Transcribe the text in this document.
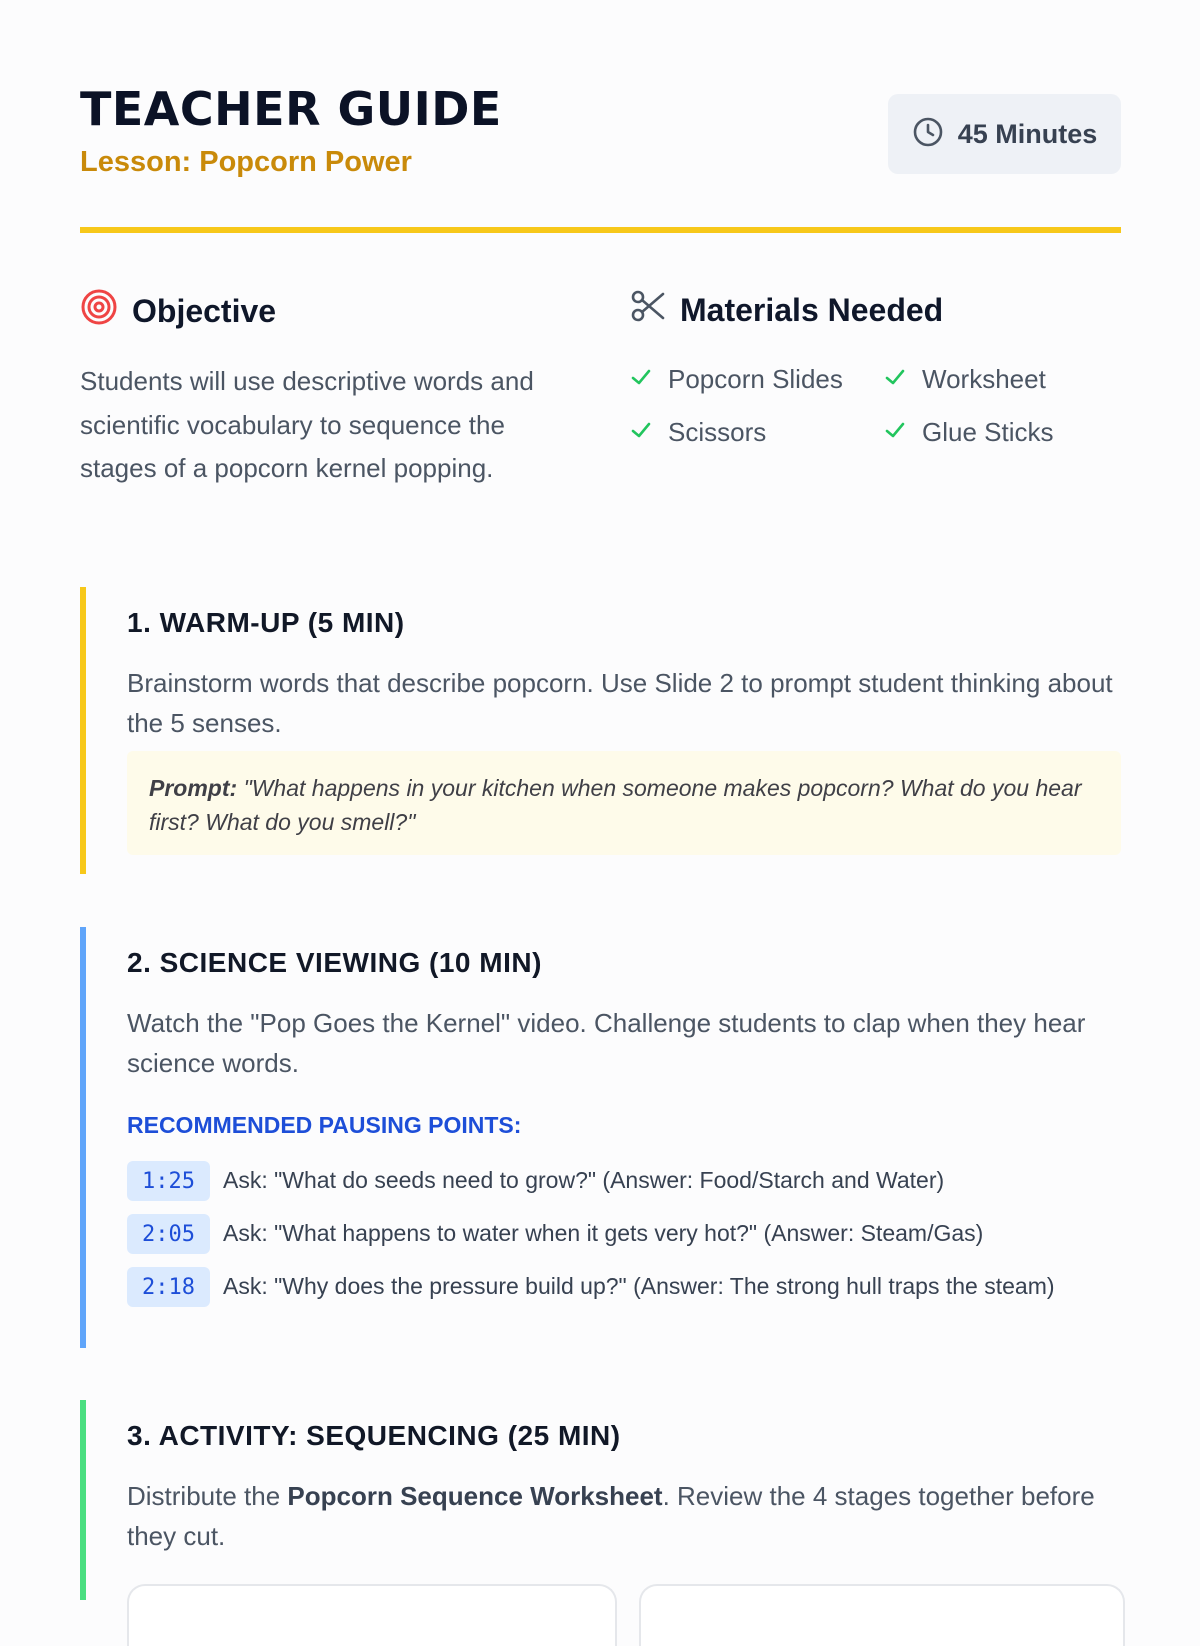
TEACHER GUIDE
Lesson: Popcorn Power
45 Minutes
Objective
Students will use descriptive words and scientific vocabulary to sequence the stages of a popcorn kernel popping.
Materials Needed
Popcorn Slides	Worksheet
Scissors	Glue Sticks
1. WARM-UP (5 MIN)
Brainstorm words that describe popcorn. Use Slide 2 to prompt student thinking about the 5 senses.
Prompt: "What happens in your kitchen when someone makes popcorn? What do you hear first? What do you smell?"
2. SCIENCE VIEWING (10 MIN)
Watch the "Pop Goes the Kernel" video. Challenge students to clap when they hear science words.
RECOMMENDED PAUSING POINTS:
1:25	Ask: "What do seeds need to grow?" (Answer: Food/Starch and Water)
2:05	Ask: "What happens to water when it gets very hot?" (Answer: Steam/Gas)
2:18	Ask: "Why does the pressure build up?" (Answer: The strong hull traps the steam)
3. ACTIVITY: SEQUENCING (25 MIN)
Distribute the Popcorn Sequence Worksheet. Review the 4 stages together before they cut.
